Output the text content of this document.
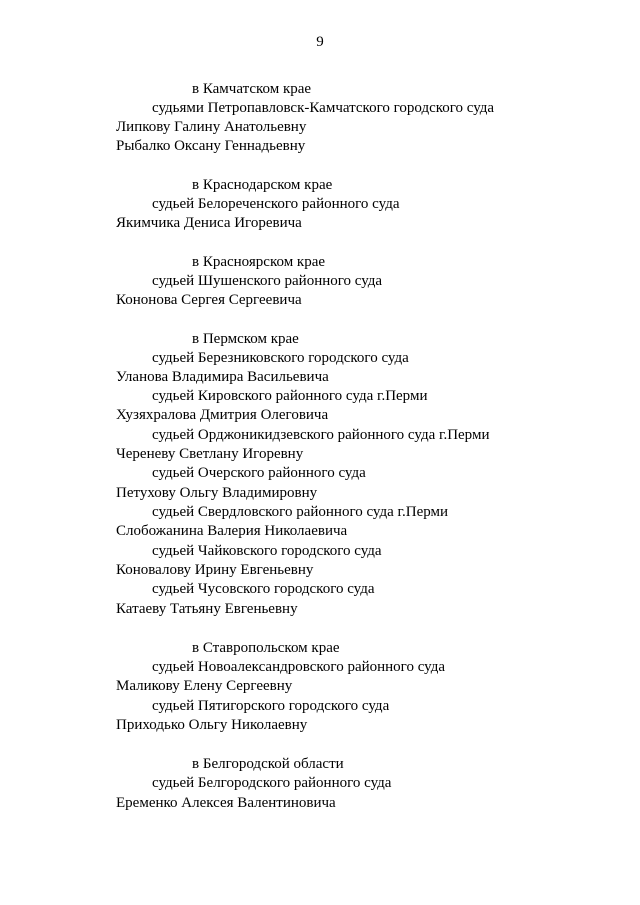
9
в Камчатском крае
судьями Петропавловск-Камчатского городского суда
Липкову Галину Анатольевну
Рыбалко Оксану Геннадьевну
в Краснодарском крае
судьей Белореченского районного суда
Якимчика Дениса Игоревича
в Красноярском крае
судьей Шушенского районного суда
Кононова Сергея Сергеевича
в Пермском крае
судьей Березниковского городского суда
Уланова Владимира Васильевича
судьей Кировского районного суда г.Перми
Хузяхралова Дмитрия Олеговича
судьей Орджоникидзевского районного суда г.Перми
Череневу Светлану Игоревну
судьей Очерского районного суда
Петухову Ольгу Владимировну
судьей Свердловского районного суда г.Перми
Слобожанина Валерия Николаевича
судьей Чайковского городского суда
Коновалову Ирину Евгеньевну
судьей Чусовского городского суда
Катаеву Татьяну Евгеньевну
в Ставропольском крае
судьей Новоалександровского районного суда
Маликову Елену Сергеевну
судьей Пятигорского городского суда
Приходько Ольгу Николаевну
в Белгородской области
судьей Белгородского районного суда
Еременко Алексея Валентиновича
